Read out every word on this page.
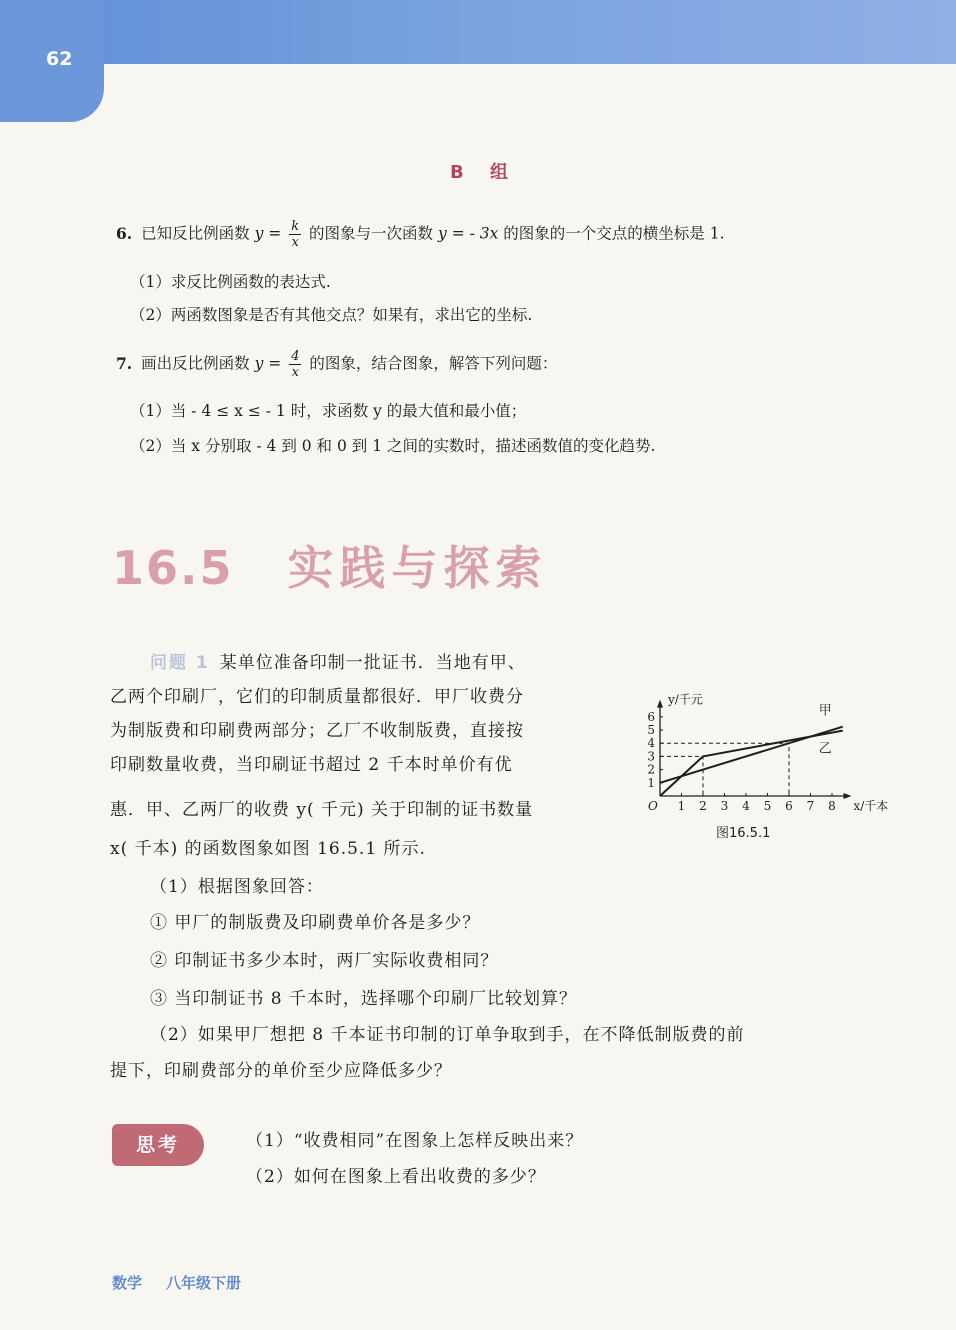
62
B 组
6. 已知反比例函数 $y = \frac{k}{x}$ 的图象与一次函数 y = - 3x 的图象的一个交点的横坐标是 1.
（1）求反比例函数的表达式.
（2）两函数图象是否有其他交点？如果有，求出它的坐标.
7. 画出反比例函数 $y = \frac{4}{x}$ 的图象，结合图象，解答下列问题：
（1）当 - 4 ≤ x ≤ - 1 时，求函数 y 的最大值和最小值；
（2）当 x 分别取 - 4 到 0 和 0 到 1 之间的实数时，描述函数值的变化趋势.
16.5 实践与探索
问题 1 某单位准备印制一批证书．当地有甲、
乙两个印刷厂，它们的印制质量都很好．甲厂收费分
为制版费和印刷费两部分；乙厂不收制版费，直接按
印刷数量收费，当印刷证书超过 2 千本时单价有优
惠．甲、乙两厂的收费 y( 千元) 关于印制的证书数量
x( 千本) 的函数图象如图 16.5.1 所示.
（1）根据图象回答：
① 甲厂的制版费及印刷费单价各是多少？
② 印制证书多少本时，两厂实际收费相同？
③ 当印制证书 8 千本时，选择哪个印刷厂比较划算？
（2）如果甲厂想把 8 千本证书印制的订单争取到手，在不降低制版费的前
提下，印刷费部分的单价至少应降低多少？
1 2 3 4 5 6 7 8
1
2
3
4
5
6
O
y/千元
x/千本
甲
乙
图16.5.1
思考	（1）“收费相同”在图象上怎样反映出来？
（2）如何在图象上看出收费的多少？
数学 八年级下册
